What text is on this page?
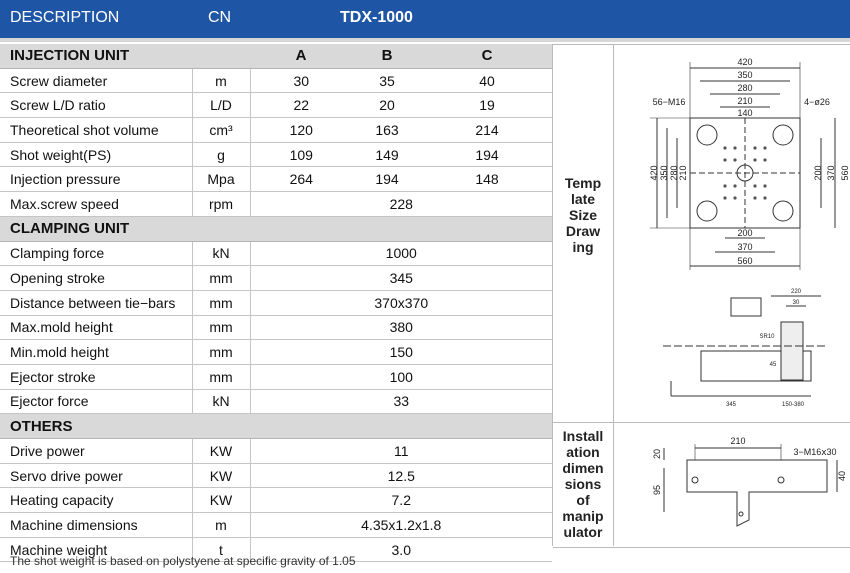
DESCRIPTION	CN	TDX-1000
INJECTION UNIT		A	B	C
Screw diameter	m	30	35	40
Screw L/D ratio	L/D	22	20	19
Theoretical shot volume	cm³	120	163	214
Shot weight(PS)	g	109	149	194
Injection pressure	Mpa	264	194	148
Max.screw speed	rpm	228		
CLAMPING UNIT				
Clamping force	kN	1000		
Opening stroke	mm	345		
Distance between tie−bars	mm	370x370		
Max.mold height	mm	380		
Min.mold height	mm	150		
Ejector stroke	mm	100		
Ejector force	kN	33		
OTHERS				
Drive power	KW	11		
Servo drive power	KW	12.5		
Heating capacity	KW	7.2		
Machine dimensions	m	4.35x1.2x1.8		
Machine weight	t	3.0		
Temp
late
Size
Draw
ing
Install
ation
dimen
sions
of
manip
ulator
420
350
280
210
140
200
370
560
420 350 280 210	200 370 560
56−M16	4−ø26
220
30
SR10
45
345	150-380
210
20
95
40
3−M16ⅹ30
The shot weight is based on polystyene at specific gravity of 1.05
